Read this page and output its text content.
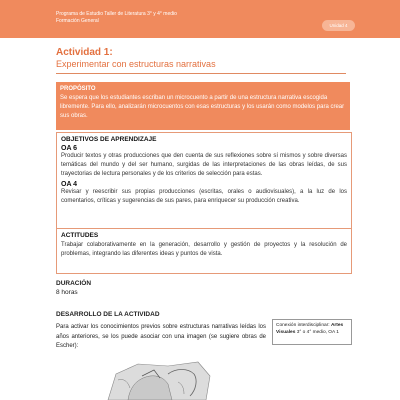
Programa de Estudio Taller de Literatura 3° y 4° medio
Formación General
Unidad 4
Actividad 1:
Experimentar con estructuras narrativas
PROPÓSITO
Se espera que los estudiantes escriban un microcuento a partir de una estructura narrativa escogida libremente. Para ello, analizarán microcuentos con esas estructuras y los usarán como modelos para crear sus obras.
OBJETIVOS DE APRENDIZAJE
OA 6
Producir textos y otras producciones que den cuenta de sus reflexiones sobre sí mismos y sobre diversas temáticas del mundo y del ser humano, surgidas de las interpretaciones de las obras leídas, de sus trayectorias de lectura personales y de los criterios de selección para estas.
OA 4
Revisar y reescribir sus propias producciones (escritas, orales o audiovisuales), a la luz de los comentarios, críticas y sugerencias de sus pares, para enriquecer su producción creativa.
ACTITUDES
Trabajar colaborativamente en la generación, desarrollo y gestión de proyectos y la resolución de problemas, integrando las diferentes ideas y puntos de vista.
DURACIÓN
8 horas
DESARROLLO DE LA ACTIVIDAD
Para activar los conocimientos previos sobre estructuras narrativas leídas los años anteriores, se los puede asociar con una imagen (se sugiere obras de Escher):
Conexión interdisciplinar: Artes Visuales 3° o 4° medio, OA 1
